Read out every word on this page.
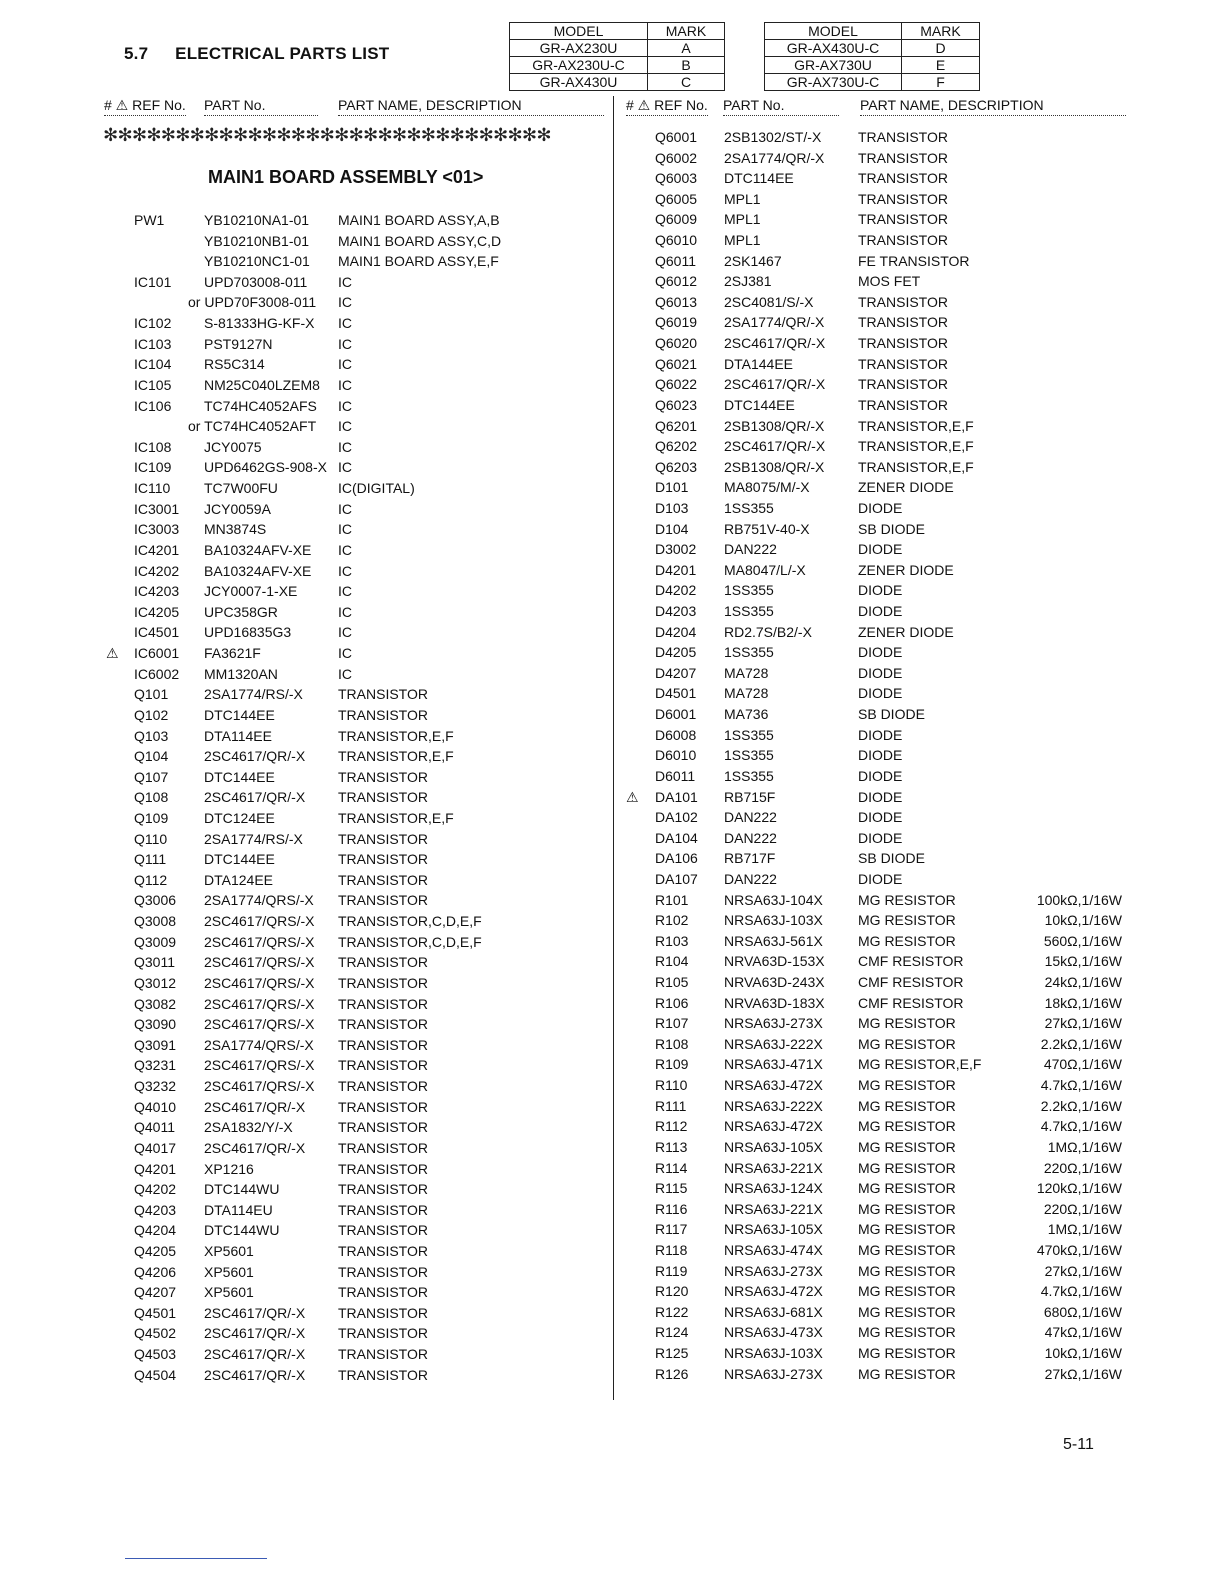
5.7 ELECTRICAL PARTS LIST
MODEL	MARK
GR-AX230U	A
GR-AX230U-C	B
GR-AX430U	C
MODEL	MARK
GR-AX430U-C	D
GR-AX730U	E
GR-AX730U-C	F
# ⚠ REF No. PART No.	PART NAME, DESCRIPTION	# ⚠ REF No. PART No.	PART NAME, DESCRIPTION
✻✻✻✻✻✻✻✻✻✻✻✻✻✻✻✻✻✻✻✻✻✻✻✻✻✻✻✻✻✻✻
MAIN1 BOARD ASSEMBLY <01>
PW1	YB10210NA1-01 MAIN1 BOARD ASSY,A,B
YB10210NB1-01 MAIN1 BOARD ASSY,C,D
YB10210NC1-01 MAIN1 BOARD ASSY,E,F
IC101 UPD703008-011 IC
or UPD70F3008-011 IC
IC102 S-81333HG-KF-X IC
IC103 PST9127N	IC
IC104 RS5C314	IC
IC105 NM25C040LZEM8 IC
IC106 TC74HC4052AFS IC
or TC74HC4052AFT IC
IC108 JCY0075	IC
IC109 UPD6462GS-908-X IC
IC110 TC7W00FU	IC(DIGITAL)
IC3001 JCY0059A	IC
IC3003 MN3874S	IC
IC4201 BA10324AFV-XE IC
IC4202 BA10324AFV-XE IC
IC4203 JCY0007-1-XE	IC
IC4205 UPC358GR	IC
IC4501 UPD16835G3	IC
⚠ IC6001 FA3621F	IC
IC6002 MM1320AN	IC
Q101	2SA1774/RS/-X	TRANSISTOR
Q102	DTC144EE	TRANSISTOR
Q103	DTA114EE	TRANSISTOR,E,F
Q104	2SC4617/QR/-X TRANSISTOR,E,F
Q107	DTC144EE	TRANSISTOR
Q108	2SC4617/QR/-X TRANSISTOR
Q109	DTC124EE	TRANSISTOR,E,F
Q110	2SA1774/RS/-X	TRANSISTOR
Q111	DTC144EE	TRANSISTOR
Q112	DTA124EE	TRANSISTOR
Q3006 2SA1774/QRS/-X TRANSISTOR
Q3008 2SC4617/QRS/-X TRANSISTOR,C,D,E,F
Q3009 2SC4617/QRS/-X TRANSISTOR,C,D,E,F
Q3011 2SC4617/QRS/-X TRANSISTOR
Q3012 2SC4617/QRS/-X TRANSISTOR
Q3082 2SC4617/QRS/-X TRANSISTOR
Q3090 2SC4617/QRS/-X TRANSISTOR
Q3091 2SA1774/QRS/-X TRANSISTOR
Q3231 2SC4617/QRS/-X TRANSISTOR
Q3232 2SC4617/QRS/-X TRANSISTOR
Q4010 2SC4617/QR/-X TRANSISTOR
Q4011 2SA1832/Y/-X	TRANSISTOR
Q4017 2SC4617/QR/-X TRANSISTOR
Q4201 XP1216	TRANSISTOR
Q4202 DTC144WU	TRANSISTOR
Q4203 DTA114EU	TRANSISTOR
Q4204 DTC144WU	TRANSISTOR
Q4205 XP5601	TRANSISTOR
Q4206 XP5601	TRANSISTOR
Q4207 XP5601	TRANSISTOR
Q4501 2SC4617/QR/-X TRANSISTOR
Q4502 2SC4617/QR/-X TRANSISTOR
Q4503 2SC4617/QR/-X TRANSISTOR
Q4504 2SC4617/QR/-X TRANSISTOR
Q6001 2SB1302/ST/-X	TRANSISTOR
Q6002 2SA1774/QR/-X TRANSISTOR
Q6003 DTC114EE	TRANSISTOR
Q6005 MPL1	TRANSISTOR
Q6009 MPL1	TRANSISTOR
Q6010 MPL1	TRANSISTOR
Q6011 2SK1467	FE TRANSISTOR
Q6012 2SJ381	MOS FET
Q6013 2SC4081/S/-X	TRANSISTOR
Q6019 2SA1774/QR/-X TRANSISTOR
Q6020 2SC4617/QR/-X TRANSISTOR
Q6021 DTA144EE	TRANSISTOR
Q6022 2SC4617/QR/-X TRANSISTOR
Q6023 DTC144EE	TRANSISTOR
Q6201 2SB1308/QR/-X TRANSISTOR,E,F
Q6202 2SC4617/QR/-X TRANSISTOR,E,F
Q6203 2SB1308/QR/-X TRANSISTOR,E,F
D101	MA8075/M/-X	ZENER DIODE
D103	1SS355	DIODE
D104	RB751V-40-X	SB DIODE
D3002 DAN222	DIODE
D4201 MA8047/L/-X	ZENER DIODE
D4202 1SS355	DIODE
D4203 1SS355	DIODE
D4204 RD2.7S/B2/-X	ZENER DIODE
D4205 1SS355	DIODE
D4207 MA728	DIODE
D4501 MA728	DIODE
D6001 MA736	SB DIODE
D6008 1SS355	DIODE
D6010 1SS355	DIODE
D6011 1SS355	DIODE
⚠ DA101 RB715F	DIODE
DA102 DAN222	DIODE
DA104 DAN222	DIODE
DA106 RB717F	SB DIODE
DA107 DAN222	DIODE
R101	NRSA63J-104X	MG RESISTOR	100kΩ,1/16W
R102	NRSA63J-103X	MG RESISTOR	10kΩ,1/16W
R103	NRSA63J-561X	MG RESISTOR	560Ω,1/16W
R104	NRVA63D-153X CMF RESISTOR	15kΩ,1/16W
R105	NRVA63D-243X CMF RESISTOR	24kΩ,1/16W
R106	NRVA63D-183X CMF RESISTOR	18kΩ,1/16W
R107	NRSA63J-273X	MG RESISTOR	27kΩ,1/16W
R108	NRSA63J-222X	MG RESISTOR	2.2kΩ,1/16W
R109	NRSA63J-471X	MG RESISTOR,E,F	470Ω,1/16W
R110	NRSA63J-472X	MG RESISTOR	4.7kΩ,1/16W
R111	NRSA63J-222X	MG RESISTOR	2.2kΩ,1/16W
R112	NRSA63J-472X	MG RESISTOR	4.7kΩ,1/16W
R113	NRSA63J-105X	MG RESISTOR	1MΩ,1/16W
R114	NRSA63J-221X	MG RESISTOR	220Ω,1/16W
R115	NRSA63J-124X	MG RESISTOR	120kΩ,1/16W
R116	NRSA63J-221X	MG RESISTOR	220Ω,1/16W
R117	NRSA63J-105X	MG RESISTOR	1MΩ,1/16W
R118	NRSA63J-474X	MG RESISTOR	470kΩ,1/16W
R119	NRSA63J-273X	MG RESISTOR	27kΩ,1/16W
R120	NRSA63J-472X	MG RESISTOR	4.7kΩ,1/16W
R122	NRSA63J-681X	MG RESISTOR	680Ω,1/16W
R124	NRSA63J-473X	MG RESISTOR	47kΩ,1/16W
R125	NRSA63J-103X	MG RESISTOR	10kΩ,1/16W
R126	NRSA63J-273X	MG RESISTOR	27kΩ,1/16W
5-11
